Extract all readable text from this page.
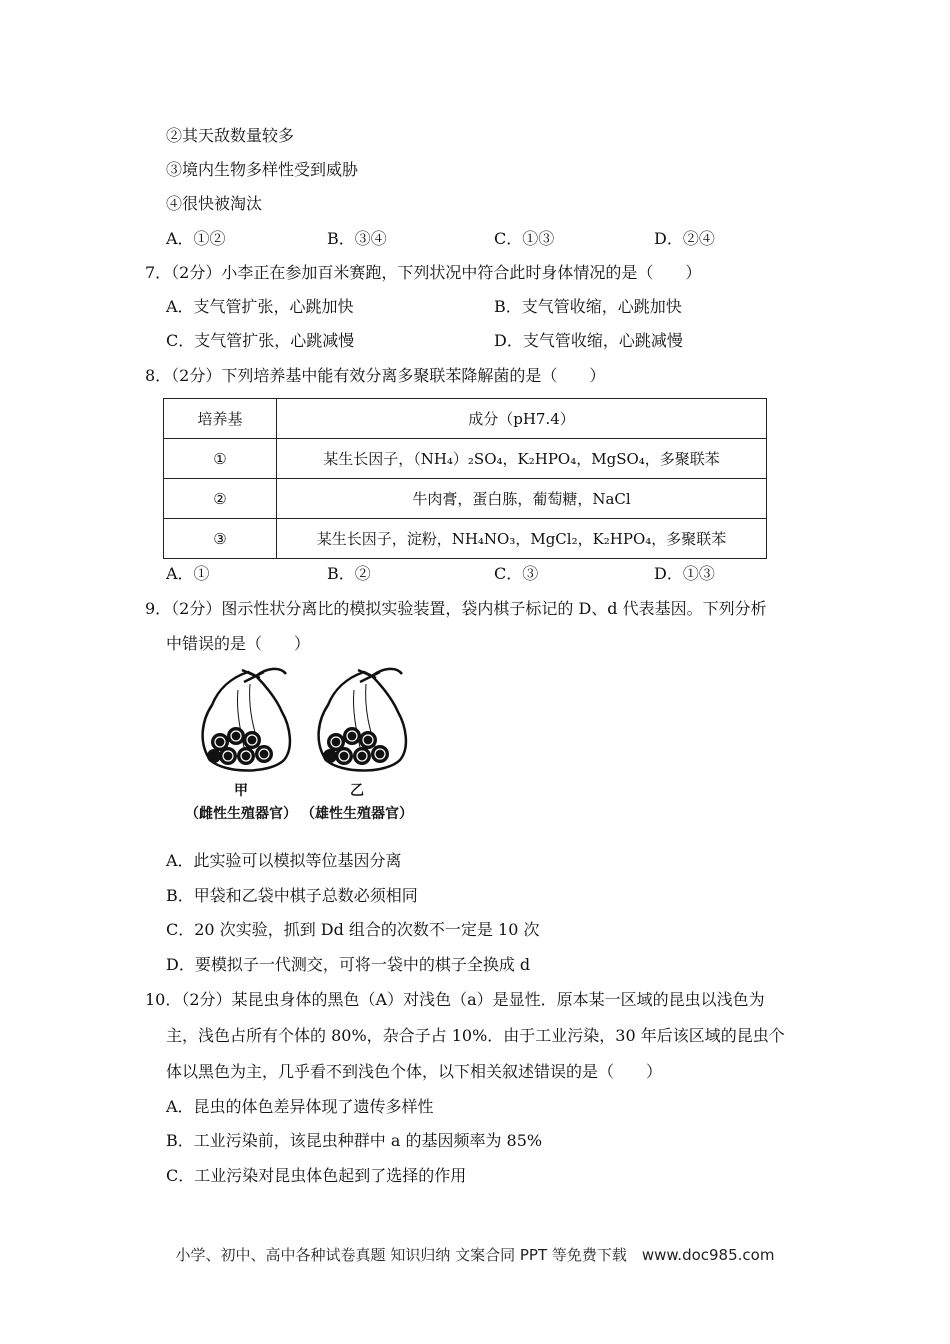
②其天敌数量较多
③境内生物多样性受到威胁
④很快被淘汰
A．①②	B．③④	C．①③	D．②④
7．（2分）小李正在参加百米赛跑，下列状况中符合此时身体情况的是（　　）
A．支气管扩张，心跳加快	B．支气管收缩，心跳加快
C．支气管扩张，心跳减慢	D．支气管收缩，心跳减慢
8．（2分）下列培养基中能有效分离多聚联苯降解菌的是（　　）
培养基	成分（pH7.4）
①	某生长因子，（NH₄）₂SO₄，K₂HPO₄，MgSO₄，多聚联苯
②	牛肉膏，蛋白胨，葡萄糖，NaCl
③	某生长因子，淀粉，NH₄NO₃，MgCl₂，K₂HPO₄，多聚联苯
A．①	B．②	C．③	D．①③
9．（2分）图示性状分离比的模拟实验装置，袋内棋子标记的 D、d 代表基因。下列分析
中错误的是（　　）
甲
（雌性生殖器官）
乙
（雄性生殖器官）
A．此实验可以模拟等位基因分离
B．甲袋和乙袋中棋子总数必须相同
C．20 次实验，抓到 Dd 组合的次数不一定是 10 次
D．要模拟子一代测交，可将一袋中的棋子全换成 d
10．（2分）某昆虫身体的黑色（A）对浅色（a）是显性．原本某一区域的昆虫以浅色为
主，浅色占所有个体的 80%，杂合子占 10%．由于工业污染，30 年后该区域的昆虫个
体以黑色为主，几乎看不到浅色个体，以下相关叙述错误的是（　　）
A．昆虫的体色差异体现了遗传多样性
B．工业污染前，该昆虫种群中 a 的基因频率为 85%
C．工业污染对昆虫体色起到了选择的作用
小学、初中、高中各种试卷真题 知识归纳 文案合同 PPT 等免费下载　www.doc985.com
